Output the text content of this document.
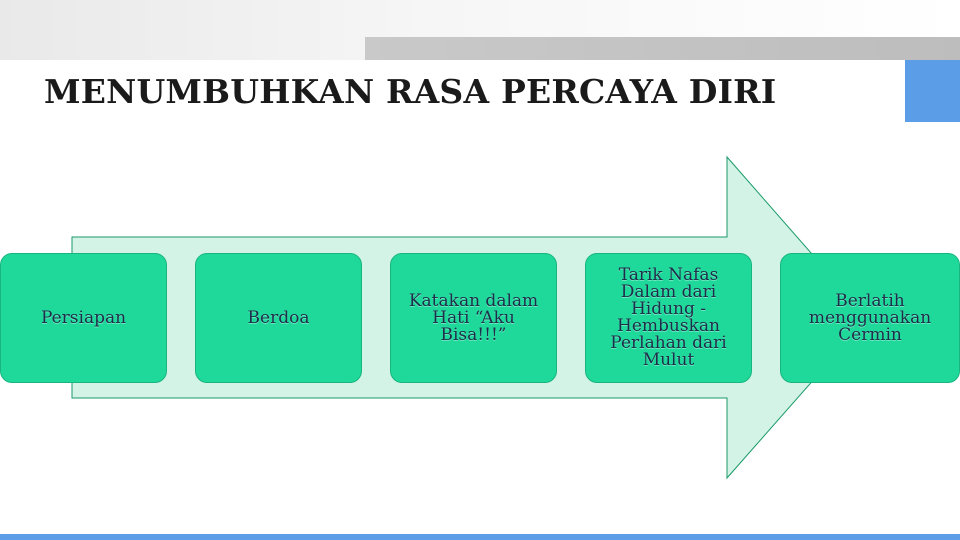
MENUMBUHKAN RASA PERCAYA DIRI
Persiapan	Berdoa
Katakan dalam Hati “Aku Bisa!!!”
Tarik Nafas Dalam dari Hidung - Hembuskan Perlahan dari Mulut
Berlatih menggunakan Cermin
